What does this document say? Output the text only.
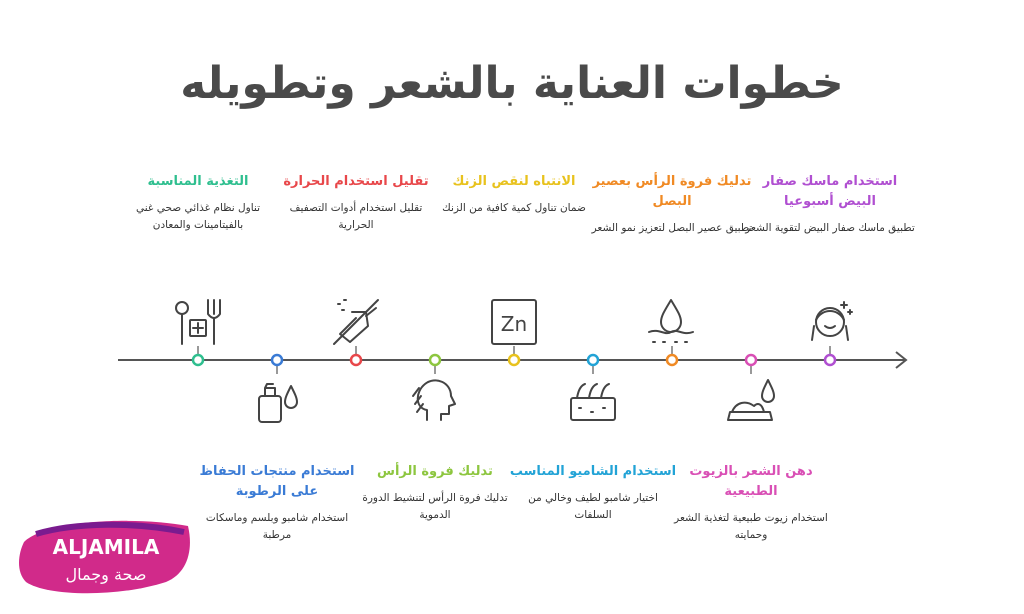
خطوات العناية بالشعر وتطويله
Zn
استخدام ماسك صفار البيض أسبوعيا
تطبيق ماسك صفار البيض لتقوية الشعر
دهن الشعر بالزيوت الطبيعية
استخدام زيوت طبيعية لتغذية الشعر وحمايته
تدليك فروة الرأس بعصير البصل
تطبيق عصير البصل لتعزيز نمو الشعر
استخدام الشاميو المناسب
اختيار شامبو لطيف وخالي من السلفات
الانتباه لنقص الزنك
ضمان تناول كمية كافية من الزنك
تدليك فروة الرأس
تدليك فروة الرأس لتنشيط الدورة الدموية
تقليل استخدام الحرارة
تقليل استخدام أدوات التصفيف الحرارية
استخدام منتجات الحفاظ على الرطوبة
استخدام شامبو وبلسم وماسكات مرطبة
التغذية المناسبة
تناول نظام غذائي صحي غني بالفيتامينات والمعادن
ALJAMILA
صحة وجمال
